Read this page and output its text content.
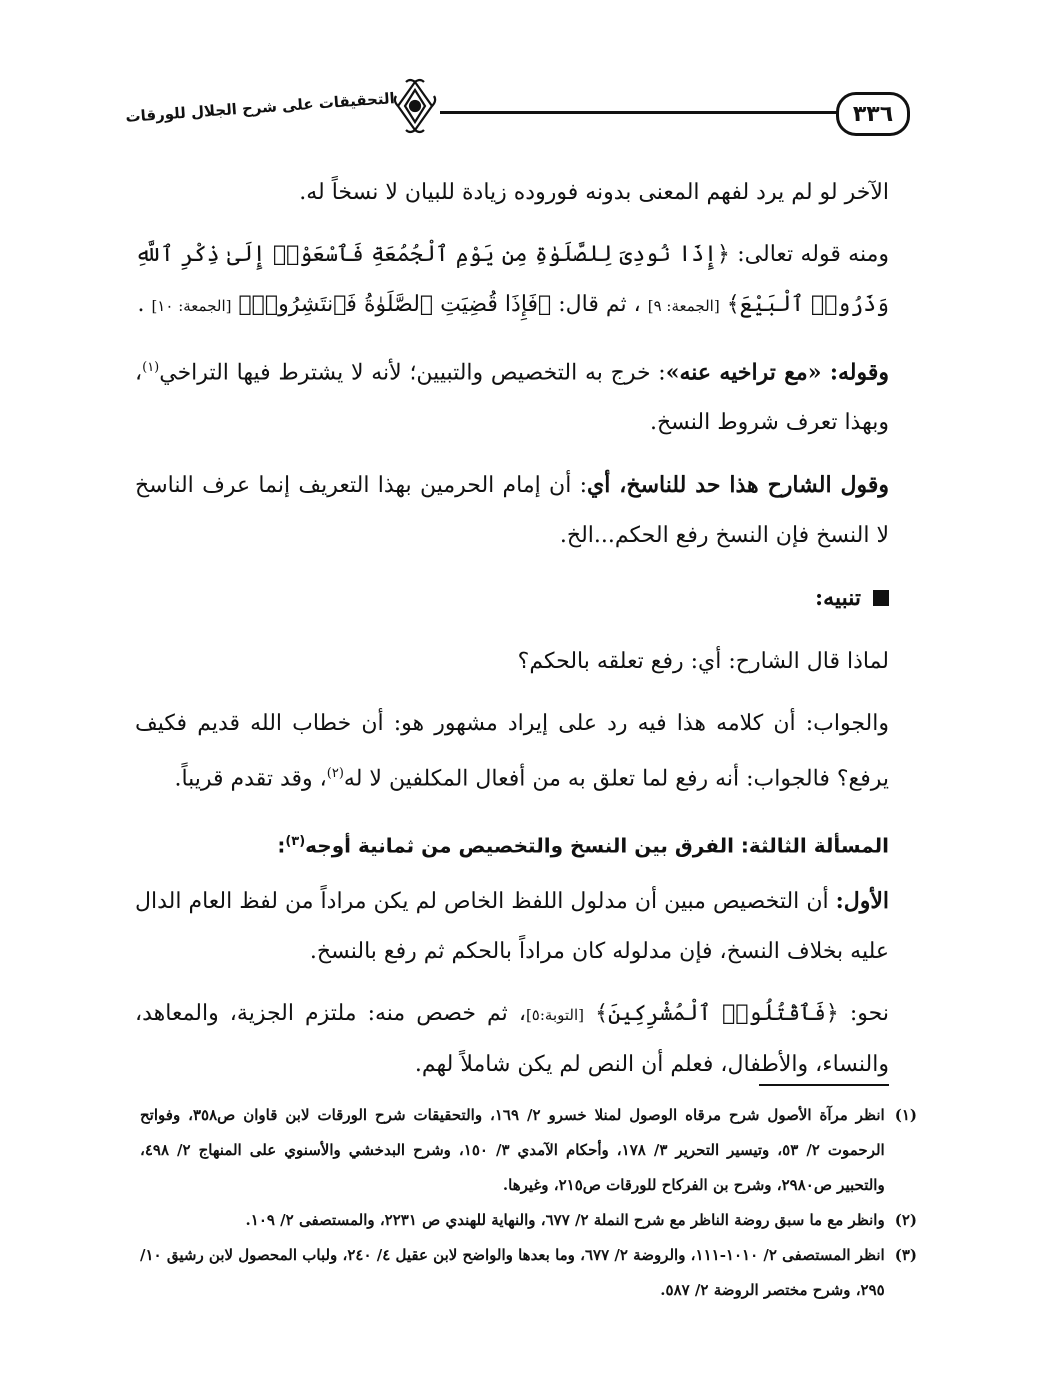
٣٣٦
التحقيقات على شرح الجلال للورقات

الآخر لو لم يرد لفهم المعنى بدونه فوروده زيادة للبيان لا نسخاً له.

ومنه قوله تعالى: ﴿إِذَا نُودِىَ لِلصَّلَوٰةِ مِن يَوْمِ ٱلْجُمُعَةِ فَٱسْعَوْا۟ إِلَىٰ ذِكْرِ ٱللَّهِ وَذَرُوا۟ ٱلْبَيْعَ﴾ [الجمعة: ٩] ، ثم قال: ﴿فَإِذَا قُضِيَتِ ٱلصَّلَوٰةُ فَٱنتَشِرُوا۟﴾ [الجمعة: ١٠] .

وقوله: «مع تراخيه عنه»: خرج به التخصيص والتبيين؛ لأنه لا يشترط فيها التراخي$^{(١)}$، وبهذا تعرف شروط النسخ.

وقول الشارح هذا حد للناسخ، أي: أن إمام الحرمين بهذا التعريف إنما عرف الناسخ لا النسخ فإن النسخ رفع الحكم...الخ.

تنبيه:

لماذا قال الشارح: أي: رفع تعلقه بالحكم؟

والجواب: أن كلامه هذا فيه رد على إيراد مشهور هو: أن خطاب الله قديم فكيف يرفع؟ فالجواب: أنه رفع لما تعلق به من أفعال المكلفين لا له$^{(٢)}$، وقد تقدم قريباً.

المسألة الثالثة: الفرق بين النسخ والتخصيص من ثمانية أوجه$^{(٣)}$:

الأول: أن التخصيص مبين أن مدلول اللفظ الخاص لم يكن مراداً من لفظ العام الدال عليه بخلاف النسخ، فإن مدلوله كان مراداً بالحكم ثم رفع بالنسخ.

نحو: ﴿فَٱقْتُلُوا۟ ٱلْمُشْرِكِينَ﴾ [التوبة:٥]، ثم خصص منه: ملتزم الجزية، والمعاهد، والنساء، والأطفال، فعلم أن النص لم يكن شاملاً لهم.

(١)
انظر مرآة الأصول شرح مرقاه الوصول لمنلا خسرو ٢/ ١٦٩، والتحقيقات شرح الورقات لابن قاوان ص٣٥٨، وفواتح الرحموت ٢/ ٥٣، وتيسير التحرير ٣/ ١٧٨، وأحكام الآمدي ٣/ ١٥٠، وشرح البدخشي والأسنوي على المنهاج ٢/ ٤٩٨، والتحبير ص٢٩٨٠، وشرح بن الفركاح للورقات ص٢١٥، وغيرها.

(٢)
وانظر مع ما سبق روضة الناظر مع شرح النملة ٢/ ٦٧٧، والنهاية للهندي ص ٢٢٣١، والمستصفى ٢/ ١٠٩.

(٣)
انظر المستصفى ٢/ ١٠١٠-١١١، والروضة ٢/ ٦٧٧، وما بعدها والواضح لابن عقيل ٤/ ٢٤٠، ولباب المحصول لابن رشيق ١٠/ ٢٩٥، وشرح مختصر الروضة ٢/ ٥٨٧.
